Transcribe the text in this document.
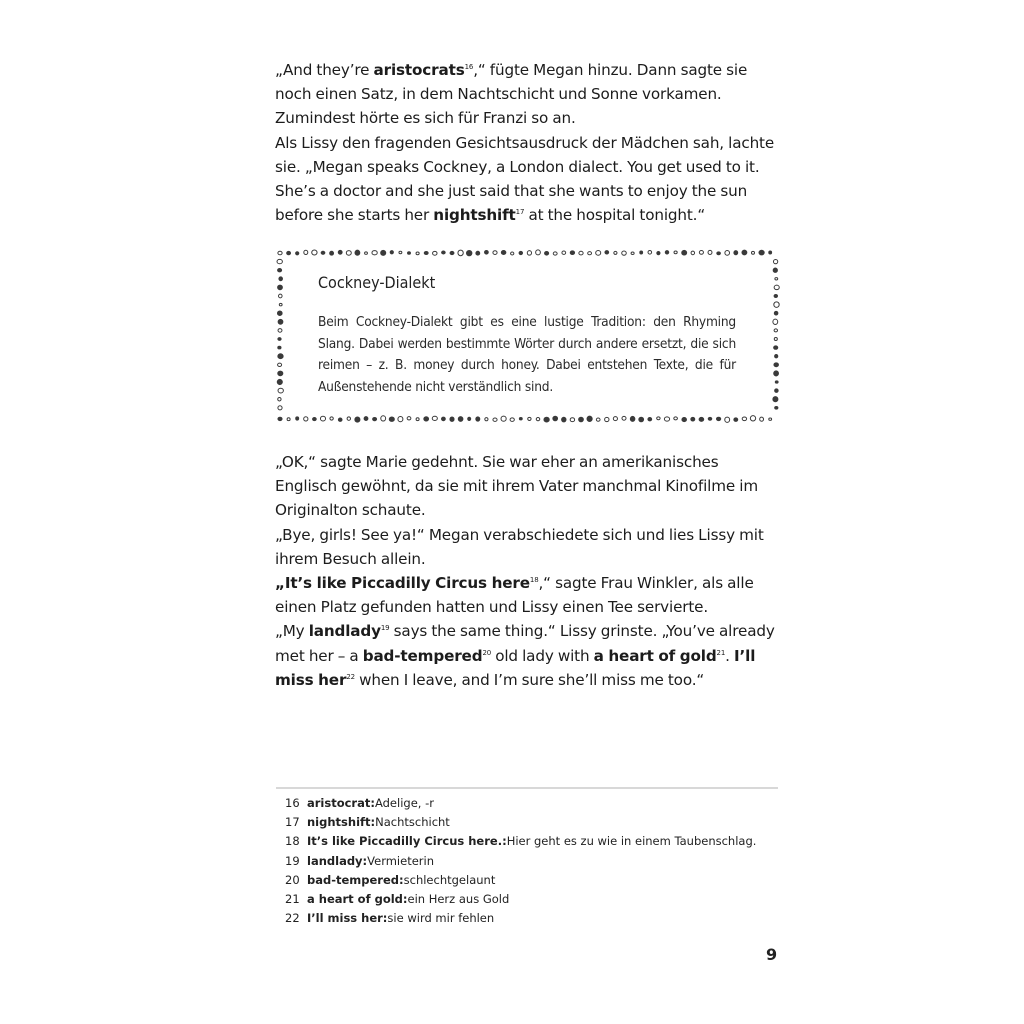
„And they’re aristocrats$^{16}$,“ fügte Megan hinzu. Dann sagte sie noch einen Satz, in dem Nachtschicht und Sonne vorkamen. Zumindest hörte es sich für Franzi so an.

Als Lissy den fragenden Gesichtsausdruck der Mädchen sah, lachte sie. „Megan speaks Cockney, a London dialect. You get used to it. She’s a doctor and she just said that she wants to enjoy the sun before she starts her nightshift$^{17}$ at the hospital tonight.“

Cockney-Dialekt
Beim Cockney-Dialekt gibt es eine lustige Tradition: den Rhyming Slang. Dabei werden bestimmte Wörter durch andere ersetzt, die sich reimen – z. B. money durch honey. Dabei entstehen Texte, die für Außenstehende nicht verständlich sind.

„OK,“ sagte Marie gedehnt. Sie war eher an amerikanisches Englisch gewöhnt, da sie mit ihrem Vater manchmal Kinofilme im Originalton schaute.

„Bye, girls! See ya!“ Megan verabschiedete sich und lies Lissy mit ihrem Besuch allein.

„It’s like Piccadilly Circus here$^{18}$,“ sagte Frau Winkler, als alle einen Platz gefunden hatten und Lissy einen Tee servierte.

„My landlady$^{19}$ says the same thing.“ Lissy grinste. „You’ve already met her – a bad-tempered$^{20}$ old lady with a heart of gold$^{21}$. I’ll miss her$^{22}$ when I leave, and I’m sure she’ll miss me too.“

16 aristocrat: Adelige, -r
17 nightshift: Nachtschicht
18 It’s like Piccadilly Circus here.: Hier geht es zu wie in einem Taubenschlag.
19 landlady: Vermieterin
20 bad-tempered: schlechtgelaunt
21 a heart of gold: ein Herz aus Gold
22 I’ll miss her: sie wird mir fehlen
9
